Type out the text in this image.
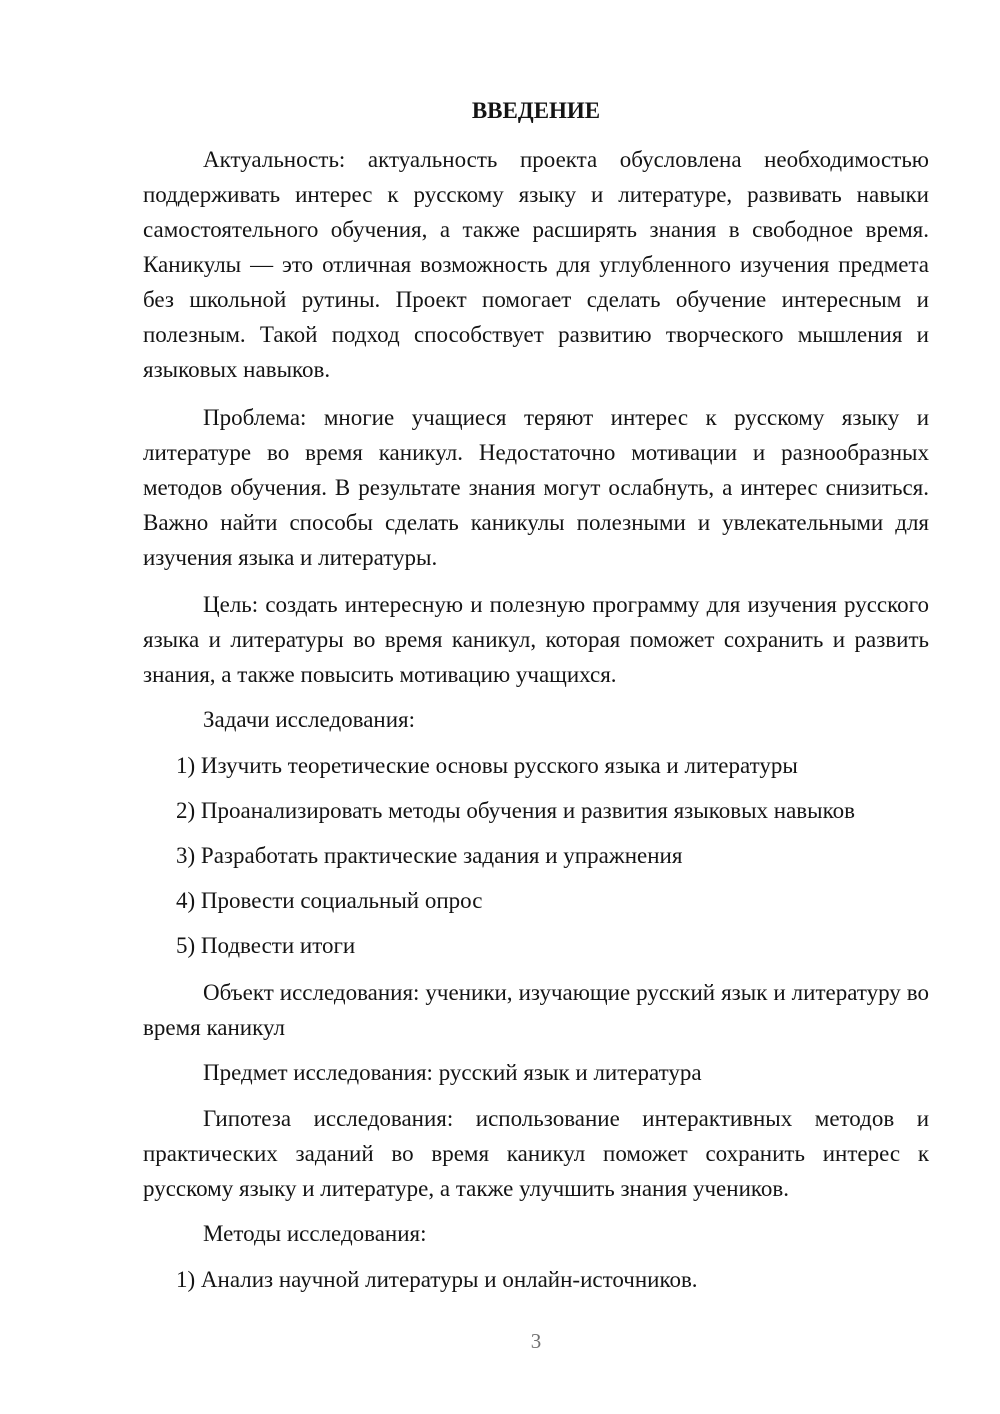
ВВЕДЕНИЕ

Актуальность: актуальность проекта обусловлена необходимостью поддерживать интерес к русскому языку и литературе, развивать навыки самостоятельного обучения, а также расширять знания в свободное время. Каникулы — это отличная возможность для углубленного изучения предмета без школьной рутины. Проект помогает сделать обучение интересным и полезным. Такой подход способствует развитию творческого мышления и языковых навыков.

Проблема: многие учащиеся теряют интерес к русскому языку и литературе во время каникул. Недостаточно мотивации и разнообразных методов обучения. В результате знания могут ослабнуть, а интерес снизиться. Важно найти способы сделать каникулы полезными и увлекательными для изучения языка и литературы.

Цель: создать интересную и полезную программу для изучения русского языка и литературы во время каникул, которая поможет сохранить и развить знания, а также повысить мотивацию учащихся.

Задачи исследования:

1) Изучить теоретические основы русского языка и литературы

2) Проанализировать методы обучения и развития языковых навыков

3) Разработать практические задания и упражнения

4) Провести социальный опрос

5) Подвести итоги

Объект исследования: ученики, изучающие русский язык и литературу во время каникул

Предмет исследования: русский язык и литература

Гипотеза исследования: использование интерактивных методов и практических заданий во время каникул поможет сохранить интерес к русскому языку и литературе, а также улучшить знания учеников.

Методы исследования:

1) Анализ научной литературы и онлайн-источников.

3
